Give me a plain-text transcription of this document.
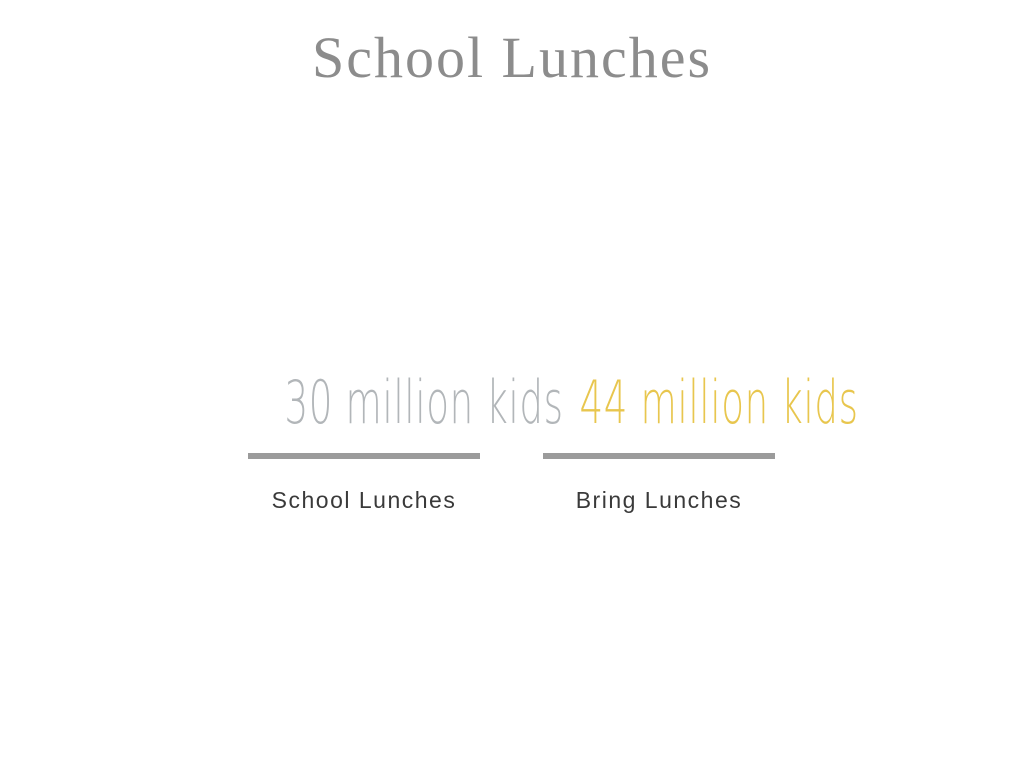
School Lunches
30 million kids
School Lunches
44 million kids
Bring Lunches
